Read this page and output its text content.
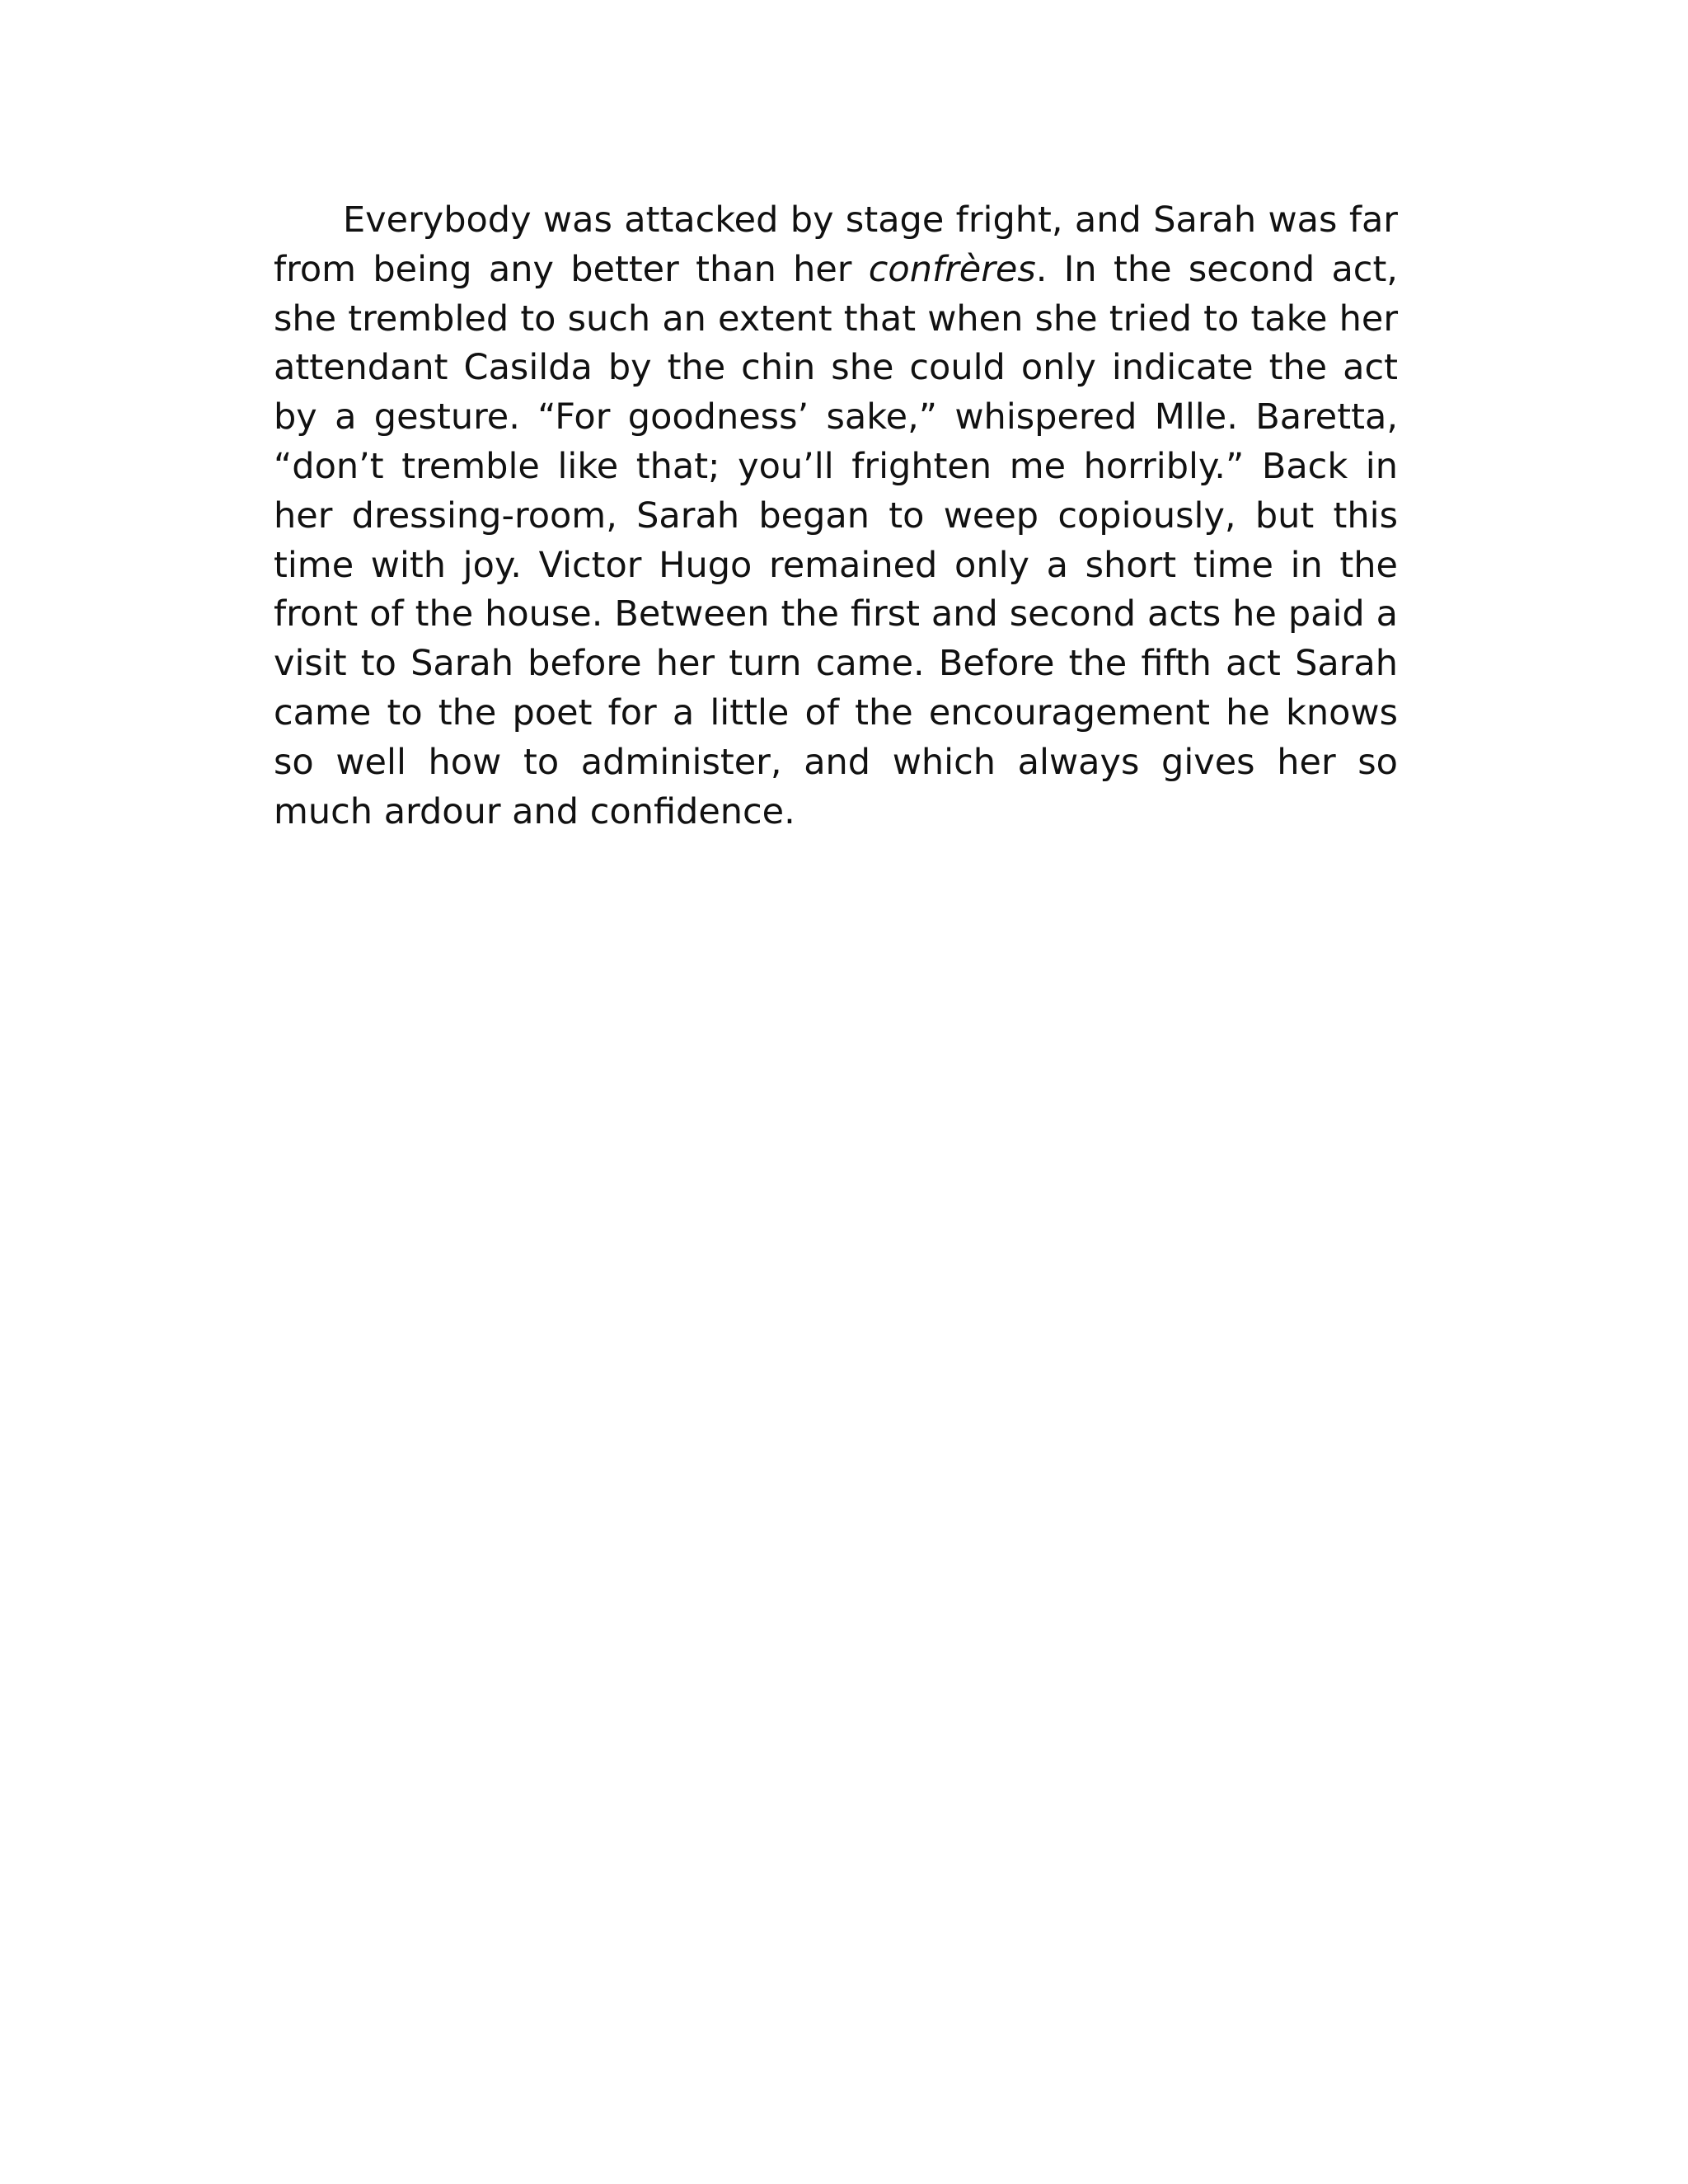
Everybody was attacked by stage fright, and Sarah was far from being any better than her confrères. In the second act, she trembled to such an extent that when she tried to take her attendant Casilda by the chin she could only indicate the act by a gesture. “For goodness’ sake,” whispered Mlle. Baretta, “don’t tremble like that; you’ll frighten me horribly.” Back in her dressing-room, Sarah began to weep copiously, but this time with joy. Victor Hugo remained only a short time in the front of the house. Between the first and second acts he paid a visit to Sarah before her turn came. Before the fifth act Sarah came to the poet for a little of the encouragement he knows so well how to administer, and which always gives her so much ardour and confidence.
